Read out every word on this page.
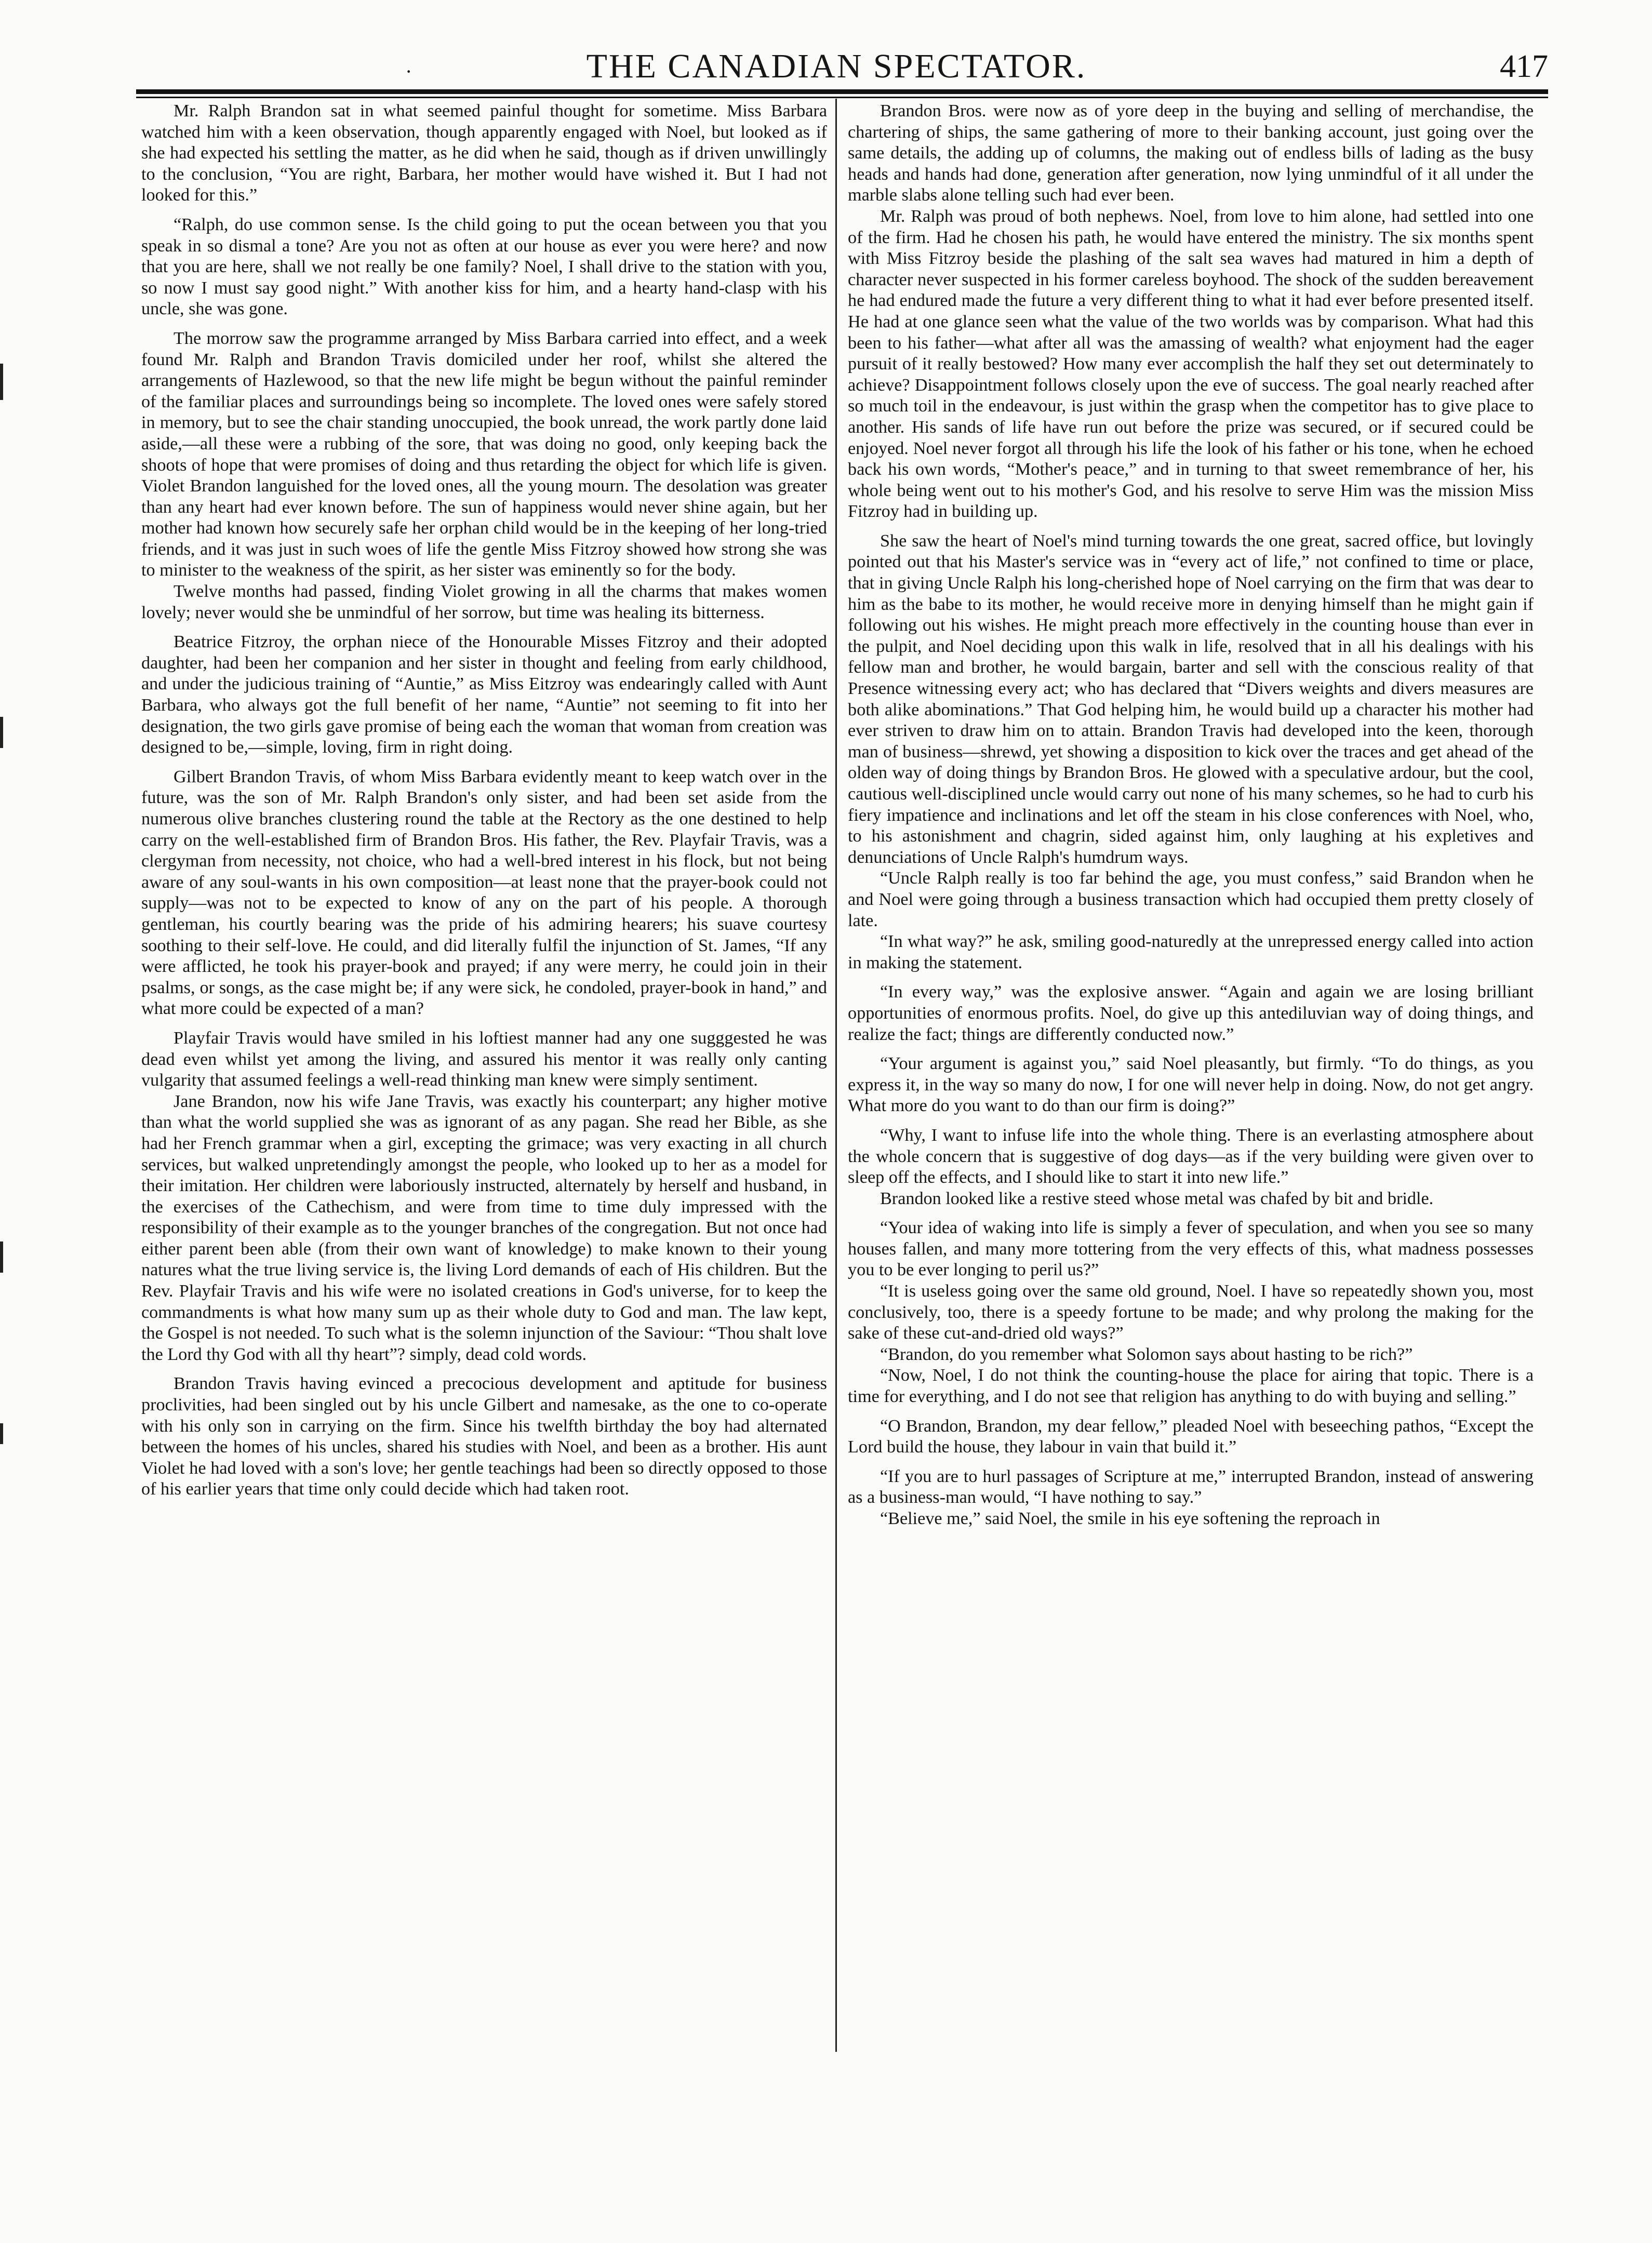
·	THE CANADIAN SPECTATOR.	417

Mr. Ralph Brandon sat in what seemed painful thought for sometime. Miss Barbara watched him with a keen observation, though apparently engaged with Noel, but looked as if she had expected his settling the matter, as he did when he said, though as if driven unwillingly to the conclusion, “You are right, Barbara, her mother would have wished it. But I had not looked for this.”

“Ralph, do use common sense. Is the child going to put the ocean between you that you speak in so dismal a tone? Are you not as often at our house as ever you were here? and now that you are here, shall we not really be one family? Noel, I shall drive to the station with you, so now I must say good night.” With another kiss for him, and a hearty hand-clasp with his uncle, she was gone.

The morrow saw the programme arranged by Miss Barbara carried into effect, and a week found Mr. Ralph and Brandon Travis domiciled under her roof, whilst she altered the arrangements of Hazlewood, so that the new life might be begun without the painful reminder of the familiar places and surroundings being so incomplete. The loved ones were safely stored in memory, but to see the chair standing unoccupied, the book unread, the work partly done laid aside,—all these were a rubbing of the sore, that was doing no good, only keeping back the shoots of hope that were promises of doing and thus retarding the object for which life is given. Violet Brandon languished for the loved ones, all the young mourn. The desolation was greater than any heart had ever known before. The sun of happiness would never shine again, but her mother had known how securely safe her orphan child would be in the keeping of her long-tried friends, and it was just in such woes of life the gentle Miss Fitzroy showed how strong she was to minister to the weakness of the spirit, as her sister was eminently so for the body.

Twelve months had passed, finding Violet growing in all the charms that makes women lovely; never would she be unmindful of her sorrow, but time was healing its bitterness.

Beatrice Fitzroy, the orphan niece of the Honourable Misses Fitzroy and their adopted daughter, had been her companion and her sister in thought and feeling from early childhood, and under the judicious training of “Auntie,” as Miss Eitzroy was endearingly called with Aunt Barbara, who always got the full benefit of her name, “Auntie” not seeming to fit into her designation, the two girls gave promise of being each the woman that woman from creation was designed to be,—simple, loving, firm in right doing.

Gilbert Brandon Travis, of whom Miss Barbara evidently meant to keep watch over in the future, was the son of Mr. Ralph Brandon's only sister, and had been set aside from the numerous olive branches clustering round the table at the Rectory as the one destined to help carry on the well-established firm of Brandon Bros. His father, the Rev. Playfair Travis, was a clergyman from necessity, not choice, who had a well-bred interest in his flock, but not being aware of any soul-wants in his own composition—at least none that the prayer-book could not supply—was not to be expected to know of any on the part of his people. A thorough gentleman, his courtly bearing was the pride of his admiring hearers; his suave courtesy soothing to their self-love. He could, and did literally fulfil the injunction of St. James, “If any were afflicted, he took his prayer-book and prayed; if any were merry, he could join in their psalms, or songs, as the case might be; if any were sick, he condoled, prayer-book in hand,” and what more could be expected of a man?

Playfair Travis would have smiled in his loftiest manner had any one sugggested he was dead even whilst yet among the living, and assured his mentor it was really only canting vulgarity that assumed feelings a well-read thinking man knew were simply sentiment.

Jane Brandon, now his wife Jane Travis, was exactly his counterpart; any higher motive than what the world supplied she was as ignorant of as any pagan. She read her Bible, as she had her French grammar when a girl, excepting the grimace; was very exacting in all church services, but walked unpretendingly amongst the people, who looked up to her as a model for their imitation. Her children were laboriously instructed, alternately by herself and husband, in the exercises of the Cathechism, and were from time to time duly impressed with the responsibility of their example as to the younger branches of the congregation. But not once had either parent been able (from their own want of knowledge) to make known to their young natures what the true living service is, the living Lord demands of each of His children. But the Rev. Playfair Travis and his wife were no isolated creations in God's universe, for to keep the commandments is what how many sum up as their whole duty to God and man. The law kept, the Gospel is not needed. To such what is the solemn injunction of the Saviour: “Thou shalt love the Lord thy God with all thy heart”? simply, dead cold words.

Brandon Travis having evinced a precocious development and aptitude for business proclivities, had been singled out by his uncle Gilbert and namesake, as the one to co-operate with his only son in carrying on the firm. Since his twelfth birthday the boy had alternated between the homes of his uncles, shared his studies with Noel, and been as a brother. His aunt Violet he had loved with a son's love; her gentle teachings had been so directly opposed to those of his earlier years that time only could decide which had taken root.

Brandon Bros. were now as of yore deep in the buying and selling of merchandise, the chartering of ships, the same gathering of more to their banking account, just going over the same details, the adding up of columns, the making out of endless bills of lading as the busy heads and hands had done, generation after generation, now lying unmindful of it all under the marble slabs alone telling such had ever been.

Mr. Ralph was proud of both nephews. Noel, from love to him alone, had settled into one of the firm. Had he chosen his path, he would have entered the ministry. The six months spent with Miss Fitzroy beside the plashing of the salt sea waves had matured in him a depth of character never suspected in his former careless boyhood. The shock of the sudden bereavement he had endured made the future a very different thing to what it had ever before presented itself. He had at one glance seen what the value of the two worlds was by comparison. What had this been to his father—what after all was the amassing of wealth? what enjoyment had the eager pursuit of it really bestowed? How many ever accomplish the half they set out determinately to achieve? Disappointment follows closely upon the eve of success. The goal nearly reached after so much toil in the endeavour, is just within the grasp when the competitor has to give place to another. His sands of life have run out before the prize was secured, or if secured could be enjoyed. Noel never forgot all through his life the look of his father or his tone, when he echoed back his own words, “Mother's peace,” and in turning to that sweet remembrance of her, his whole being went out to his mother's God, and his resolve to serve Him was the mission Miss Fitzroy had in building up.

She saw the heart of Noel's mind turning towards the one great, sacred office, but lovingly pointed out that his Master's service was in “every act of life,” not confined to time or place, that in giving Uncle Ralph his long-cherished hope of Noel carrying on the firm that was dear to him as the babe to its mother, he would receive more in denying himself than he might gain if following out his wishes. He might preach more effectively in the counting house than ever in the pulpit, and Noel deciding upon this walk in life, resolved that in all his dealings with his fellow man and brother, he would bargain, barter and sell with the conscious reality of that Presence witnessing every act; who has declared that “Divers weights and divers measures are both alike abominations.” That God helping him, he would build up a character his mother had ever striven to draw him on to attain. Brandon Travis had developed into the keen, thorough man of business—shrewd, yet showing a disposition to kick over the traces and get ahead of the olden way of doing things by Brandon Bros. He glowed with a speculative ardour, but the cool, cautious well-disciplined uncle would carry out none of his many schemes, so he had to curb his fiery impatience and inclinations and let off the steam in his close conferences with Noel, who, to his astonishment and chagrin, sided against him, only laughing at his expletives and denunciations of Uncle Ralph's humdrum ways.

“Uncle Ralph really is too far behind the age, you must confess,” said Brandon when he and Noel were going through a business transaction which had occupied them pretty closely of late.

“In what way?” he ask, smiling good-naturedly at the unrepressed energy called into action in making the statement.

“In every way,” was the explosive answer. “Again and again we are losing brilliant opportunities of enormous profits. Noel, do give up this antediluvian way of doing things, and realize the fact; things are differently conducted now.”

“Your argument is against you,” said Noel pleasantly, but firmly. “To do things, as you express it, in the way so many do now, I for one will never help in doing. Now, do not get angry. What more do you want to do than our firm is doing?”

“Why, I want to infuse life into the whole thing. There is an everlasting atmosphere about the whole concern that is suggestive of dog days—as if the very building were given over to sleep off the effects, and I should like to start it into new life.”

Brandon looked like a restive steed whose metal was chafed by bit and bridle.

“Your idea of waking into life is simply a fever of speculation, and when you see so many houses fallen, and many more tottering from the very effects of this, what madness possesses you to be ever longing to peril us?”

“It is useless going over the same old ground, Noel. I have so repeatedly shown you, most conclusively, too, there is a speedy fortune to be made; and why prolong the making for the sake of these cut-and-dried old ways?”

“Brandon, do you remember what Solomon says about hasting to be rich?”

“Now, Noel, I do not think the counting-house the place for airing that topic. There is a time for everything, and I do not see that religion has anything to do with buying and selling.”

“O Brandon, Brandon, my dear fellow,” pleaded Noel with beseeching pathos, “Except the Lord build the house, they labour in vain that build it.”

“If you are to hurl passages of Scripture at me,” interrupted Brandon, instead of answering as a business-man would, “I have nothing to say.”

“Believe me,” said Noel, the smile in his eye softening the reproach in
